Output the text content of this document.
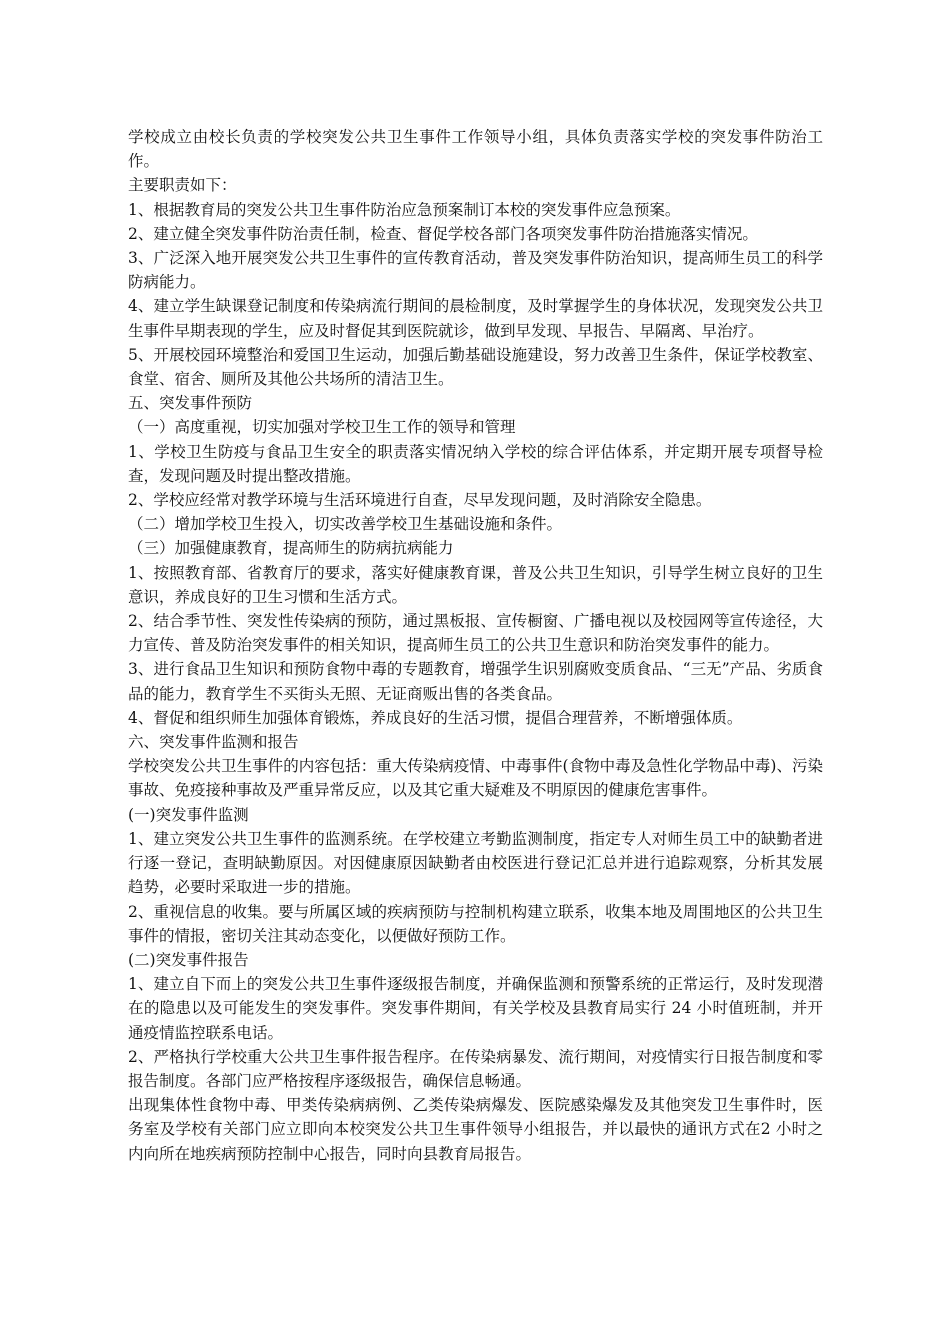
学校成立由校长负责的学校突发公共卫生事件工作领导小组，具体负责落实学校的突发事件防治工作。

主要职责如下：

1、根据教育局的突发公共卫生事件防治应急预案制订本校的突发事件应急预案。

2、建立健全突发事件防治责任制，检查、督促学校各部门各项突发事件防治措施落实情况。

3、广泛深入地开展突发公共卫生事件的宣传教育活动，普及突发事件防治知识，提高师生员工的科学防病能力。

4、建立学生缺课登记制度和传染病流行期间的晨检制度，及时掌握学生的身体状况，发现突发公共卫生事件早期表现的学生，应及时督促其到医院就诊，做到早发现、早报告、早隔离、早治疗。

5、开展校园环境整治和爱国卫生运动，加强后勤基础设施建设，努力改善卫生条件，保证学校教室、食堂、宿舍、厕所及其他公共场所的清洁卫生。

五、突发事件预防

（一）高度重视，切实加强对学校卫生工作的领导和管理

1、学校卫生防疫与食品卫生安全的职责落实情况纳入学校的综合评估体系，并定期开展专项督导检查，发现问题及时提出整改措施。

2、学校应经常对教学环境与生活环境进行自查，尽早发现问题，及时消除安全隐患。

（二）增加学校卫生投入，切实改善学校卫生基础设施和条件。

（三）加强健康教育，提高师生的防病抗病能力

1、按照教育部、省教育厅的要求，落实好健康教育课，普及公共卫生知识，引导学生树立良好的卫生意识，养成良好的卫生习惯和生活方式。

2、结合季节性、突发性传染病的预防，通过黑板报、宣传橱窗、广播电视以及校园网等宣传途径，大力宣传、普及防治突发事件的相关知识，提高师生员工的公共卫生意识和防治突发事件的能力。

3、进行食品卫生知识和预防食物中毒的专题教育，增强学生识别腐败变质食品、“三无”产品、劣质食品的能力，教育学生不买街头无照、无证商贩出售的各类食品。

4、督促和组织师生加强体育锻炼，养成良好的生活习惯，提倡合理营养，不断增强体质。

六、突发事件监测和报告

学校突发公共卫生事件的内容包括：重大传染病疫情、中毒事件(食物中毒及急性化学物品中毒)、污染事故、免疫接种事故及严重异常反应，以及其它重大疑难及不明原因的健康危害事件。

(一)突发事件监测

1、建立突发公共卫生事件的监测系统。在学校建立考勤监测制度，指定专人对师生员工中的缺勤者进行逐一登记，查明缺勤原因。对因健康原因缺勤者由校医进行登记汇总并进行追踪观察，分析其发展趋势，必要时采取进一步的措施。

2、重视信息的收集。要与所属区域的疾病预防与控制机构建立联系，收集本地及周围地区的公共卫生事件的情报，密切关注其动态变化，以便做好预防工作。

(二)突发事件报告

1、建立自下而上的突发公共卫生事件逐级报告制度，并确保监测和预警系统的正常运行，及时发现潜在的隐患以及可能发生的突发事件。突发事件期间，有关学校及县教育局实行 24 小时值班制，并开通疫情监控联系电话。

2、严格执行学校重大公共卫生事件报告程序。在传染病暴发、流行期间，对疫情实行日报告制度和零报告制度。各部门应严格按程序逐级报告，确保信息畅通。

出现集体性食物中毒、甲类传染病病例、乙类传染病爆发、医院感染爆发及其他突发卫生事件时，医务室及学校有关部门应立即向本校突发公共卫生事件领导小组报告，并以最快的通讯方式在2 小时之内向所在地疾病预防控制中心报告，同时向县教育局报告。
